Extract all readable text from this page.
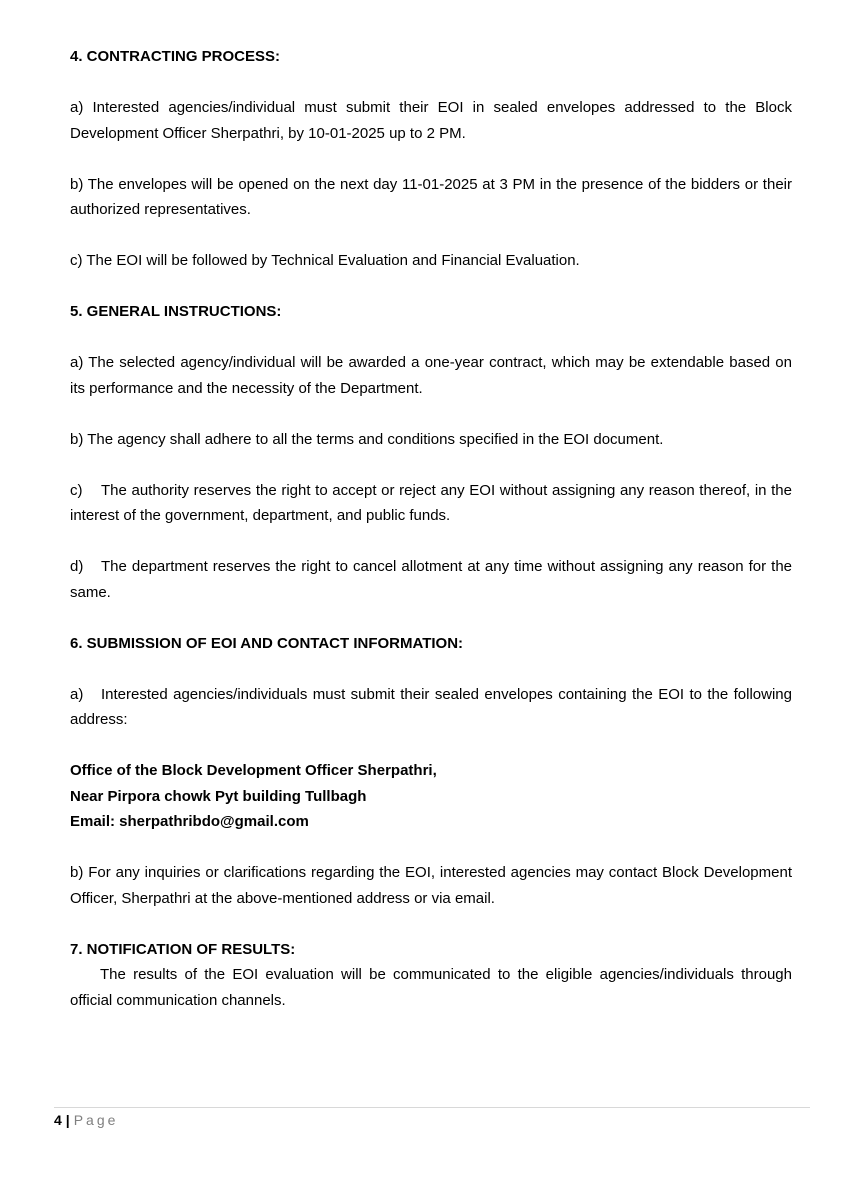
4. CONTRACTING PROCESS:

a) Interested agencies/individual must submit their EOI in sealed envelopes addressed to the Block Development Officer Sherpathri, by 10-01-2025 up to 2 PM.

b) The envelopes will be opened on the next day 11-01-2025 at 3 PM in the presence of the bidders or their authorized representatives.

c) The EOI will be followed by Technical Evaluation and Financial Evaluation.

5. GENERAL INSTRUCTIONS:

a) The selected agency/individual will be awarded a one-year contract, which may be extendable based on its performance and the necessity of the Department.

b) The agency shall adhere to all the terms and conditions specified in the EOI document.

c) The authority reserves the right to accept or reject any EOI without assigning any reason thereof, in the interest of the government, department, and public funds.

d) The department reserves the right to cancel allotment at any time without assigning any reason for the same.

6. SUBMISSION OF EOI AND CONTACT INFORMATION:

a) Interested agencies/individuals must submit their sealed envelopes containing the EOI to the following address:

Office of the Block Development Officer Sherpathri,

Near Pirpora chowk Pyt building Tullbagh

Email: sherpathribdo@gmail.com

b) For any inquiries or clarifications regarding the EOI, interested agencies may contact Block Development Officer, Sherpathri at the above-mentioned address or via email.

7. NOTIFICATION OF RESULTS:

The results of the EOI evaluation will be communicated to the eligible agencies/individuals through official communication channels.

4 | Page
